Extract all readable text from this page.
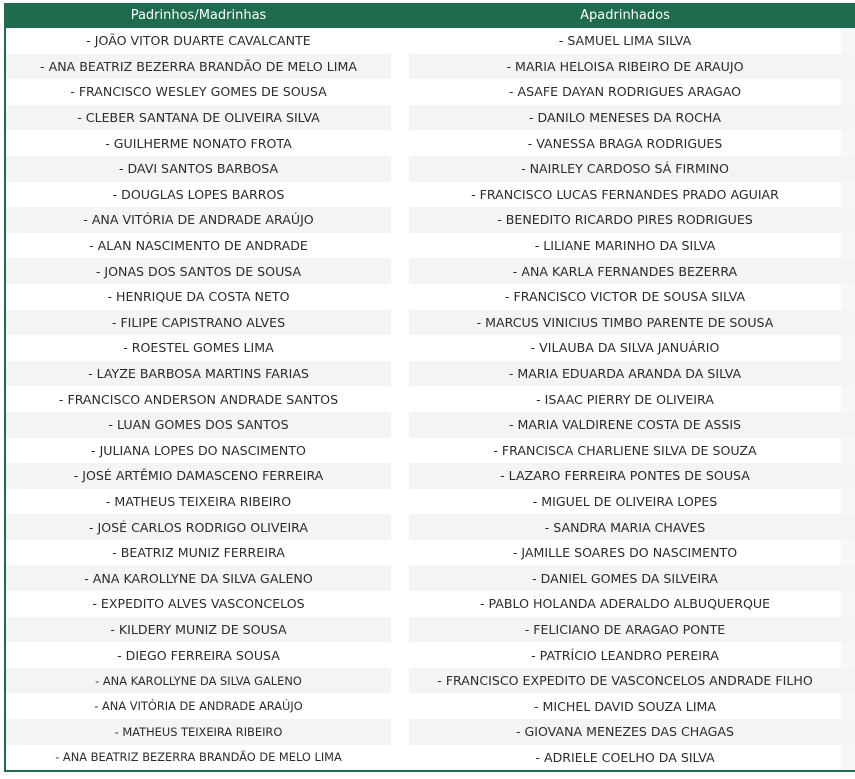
Padrinhos/Madrinhas		Apadrinhados	
- JOÃO VITOR DUARTE CAVALCANTE		- SAMUEL LIMA SILVA	
- ANA BEATRIZ BEZERRA BRANDÃO DE MELO LIMA		- MARIA HELOISA RIBEIRO DE ARAUJO	
- FRANCISCO WESLEY GOMES DE SOUSA		- ASAFE DAYAN RODRIGUES ARAGAO	
- CLEBER SANTANA DE OLIVEIRA SILVA		- DANILO MENESES DA ROCHA	
- GUILHERME NONATO FROTA		- VANESSA BRAGA RODRIGUES	
- DAVI SANTOS BARBOSA		- NAIRLEY CARDOSO SÁ FIRMINO	
- DOUGLAS LOPES BARROS		- FRANCISCO LUCAS FERNANDES PRADO AGUIAR	
- ANA VITÓRIA DE ANDRADE ARAÚJO		- BENEDITO RICARDO PIRES RODRIGUES	
- ALAN NASCIMENTO DE ANDRADE		- LILIANE MARINHO DA SILVA	
- JONAS DOS SANTOS DE SOUSA		- ANA KARLA FERNANDES BEZERRA	
- HENRIQUE DA COSTA NETO		- FRANCISCO VICTOR DE SOUSA SILVA	
- FILIPE CAPISTRANO ALVES		- MARCUS VINICIUS TIMBO PARENTE DE SOUSA	
- ROESTEL GOMES LIMA		- VILAUBA DA SILVA JANUÁRIO	
- LAYZE BARBOSA MARTINS FARIAS		- MARIA EDUARDA ARANDA DA SILVA	
- FRANCISCO ANDERSON ANDRADE SANTOS		- ISAAC PIERRY DE OLIVEIRA	
- LUAN GOMES DOS SANTOS		- MARIA VALDIRENE COSTA DE ASSIS	
- JULIANA LOPES DO NASCIMENTO		- FRANCISCA CHARLIENE SILVA DE SOUZA	
- JOSÉ ARTÊMIO DAMASCENO FERREIRA		- LAZARO FERREIRA PONTES DE SOUSA	
- MATHEUS TEIXEIRA RIBEIRO		- MIGUEL DE OLIVEIRA LOPES	
- JOSÉ CARLOS RODRIGO OLIVEIRA		- SANDRA MARIA CHAVES	
- BEATRIZ MUNIZ FERREIRA		- JAMILLE SOARES DO NASCIMENTO	
- ANA KAROLLYNE DA SILVA GALENO		- DANIEL GOMES DA SILVEIRA	
- EXPEDITO ALVES VASCONCELOS		- PABLO HOLANDA ADERALDO ALBUQUERQUE	
- KILDERY MUNIZ DE SOUSA		- FELICIANO DE ARAGAO PONTE	
- DIEGO FERREIRA SOUSA		- PATRÍCIO LEANDRO PEREIRA	
- ANA KAROLLYNE DA SILVA GALENO		- FRANCISCO EXPEDITO DE VASCONCELOS ANDRADE FILHO	
- ANA VITÓRIA DE ANDRADE ARAÚJO		- MICHEL DAVID SOUZA LIMA	
- MATHEUS TEIXEIRA RIBEIRO		- GIOVANA MENEZES DAS CHAGAS	
- ANA BEATRIZ BEZERRA BRANDÃO DE MELO LIMA		- ADRIELE COELHO DA SILVA	
